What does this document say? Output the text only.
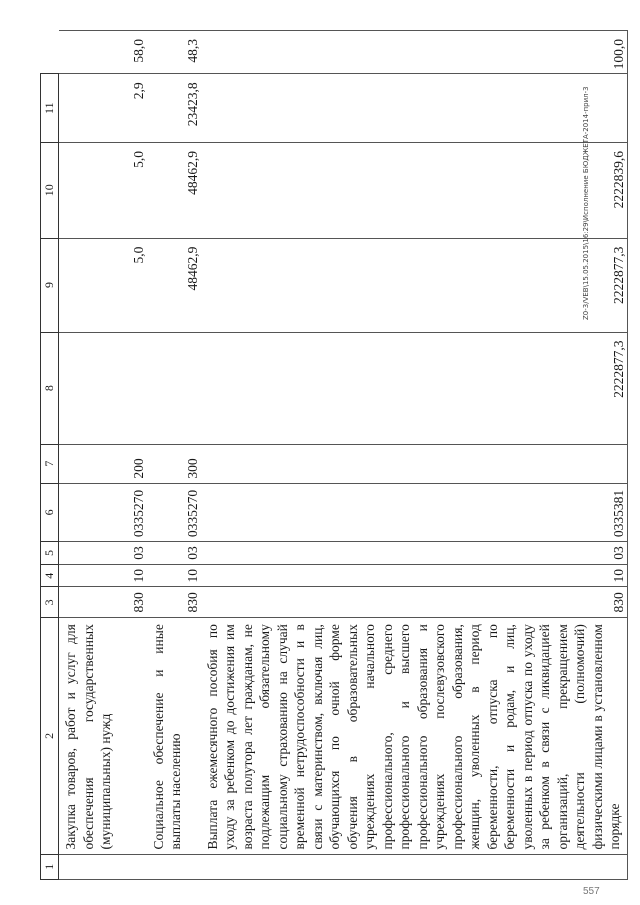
1	2	3	4	5	6	7	8	9	10	11	
	Закупка товаров, работ и услуг для обеспечения государственных (муниципальных) нужд	830	10	03	0335270	200		5,0	5,0	2,9	58,0
	Социальное обеспечение и иные выплаты населению	830	10	03	0335270	300		48462,9	48462,9	23423,8	48,3
	Выплата ежемесячного пособия по уходу за ребенком до достижения им возраста полутора лет гражданам, не подлежащим обязательному социальному страхованию на случай временной нетрудоспособности и в связи с материнством, включая лиц, обучающихся по очной форме обучения в образовательных учреждениях начального профессионального, среднего профессионального и высшего профессионального образования и учреждениях послевузовского профессионального образования, женщин, уволенных в период беременности, отпуска по беременности и родам, и лиц, уволенных в период отпуска по уходу за ребенком в связи с ликвидацией организаций, прекращением деятельности (полномочий) физическими лицами в установленном порядке	830	10	03	0335381		2222877,3	2222877,3	2222839,6		100,0
Z0-3/VEB\15.05.2015\16:29\Исполнение БЮДЖЕТА-2014-прил-3
557
